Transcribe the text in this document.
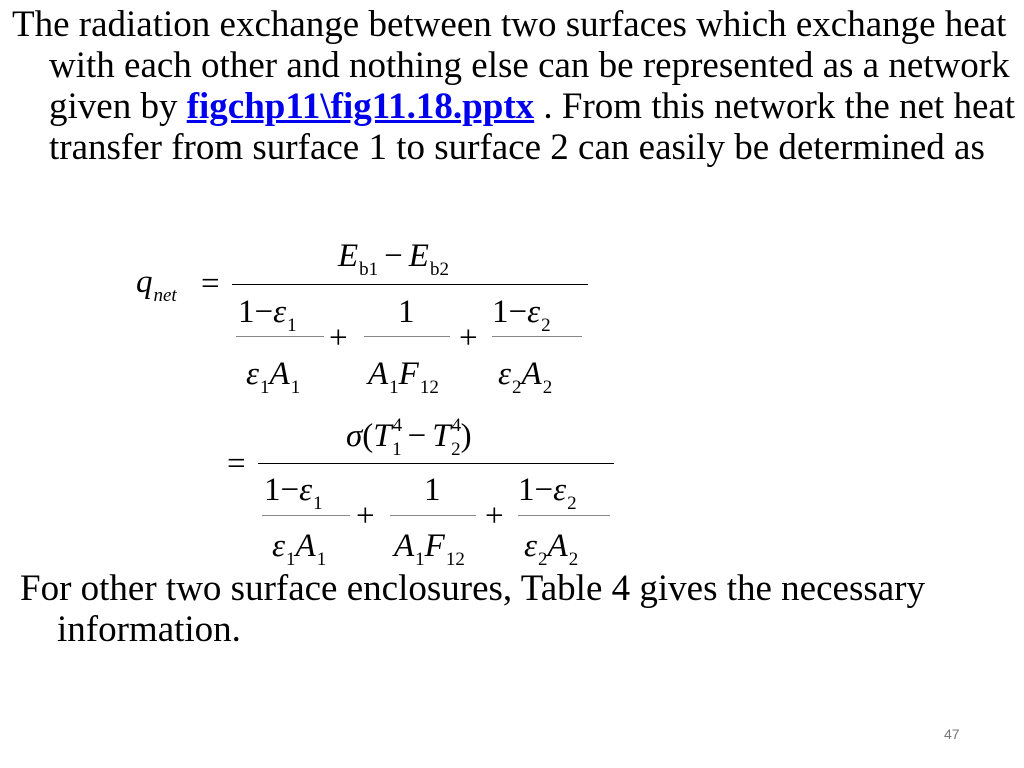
The radiation exchange between two surfaces which exchange heat with each other and nothing else can be represented as a network given by figchp11\fig11.18.pptx . From this network the net heat transfer from surface 1 to surface 2 can easily be determined as
$q_{net}$ =
$E_{b1} - E_{b2}$
$1-\varepsilon_1$
$\varepsilon_1A_1$
+
1
$A_1F_{12}$
+
$1-\varepsilon_2$
$\varepsilon_2A_2$
=
$\sigma(T^4_1 - T^4_2)$
$1-\varepsilon_1$
$\varepsilon_1A_1$
+
1
$A_1F_{12}$
+
$1-\varepsilon_2$
$\varepsilon_2A_2$
For other two surface enclosures, Table 4 gives the necessary information.
47
